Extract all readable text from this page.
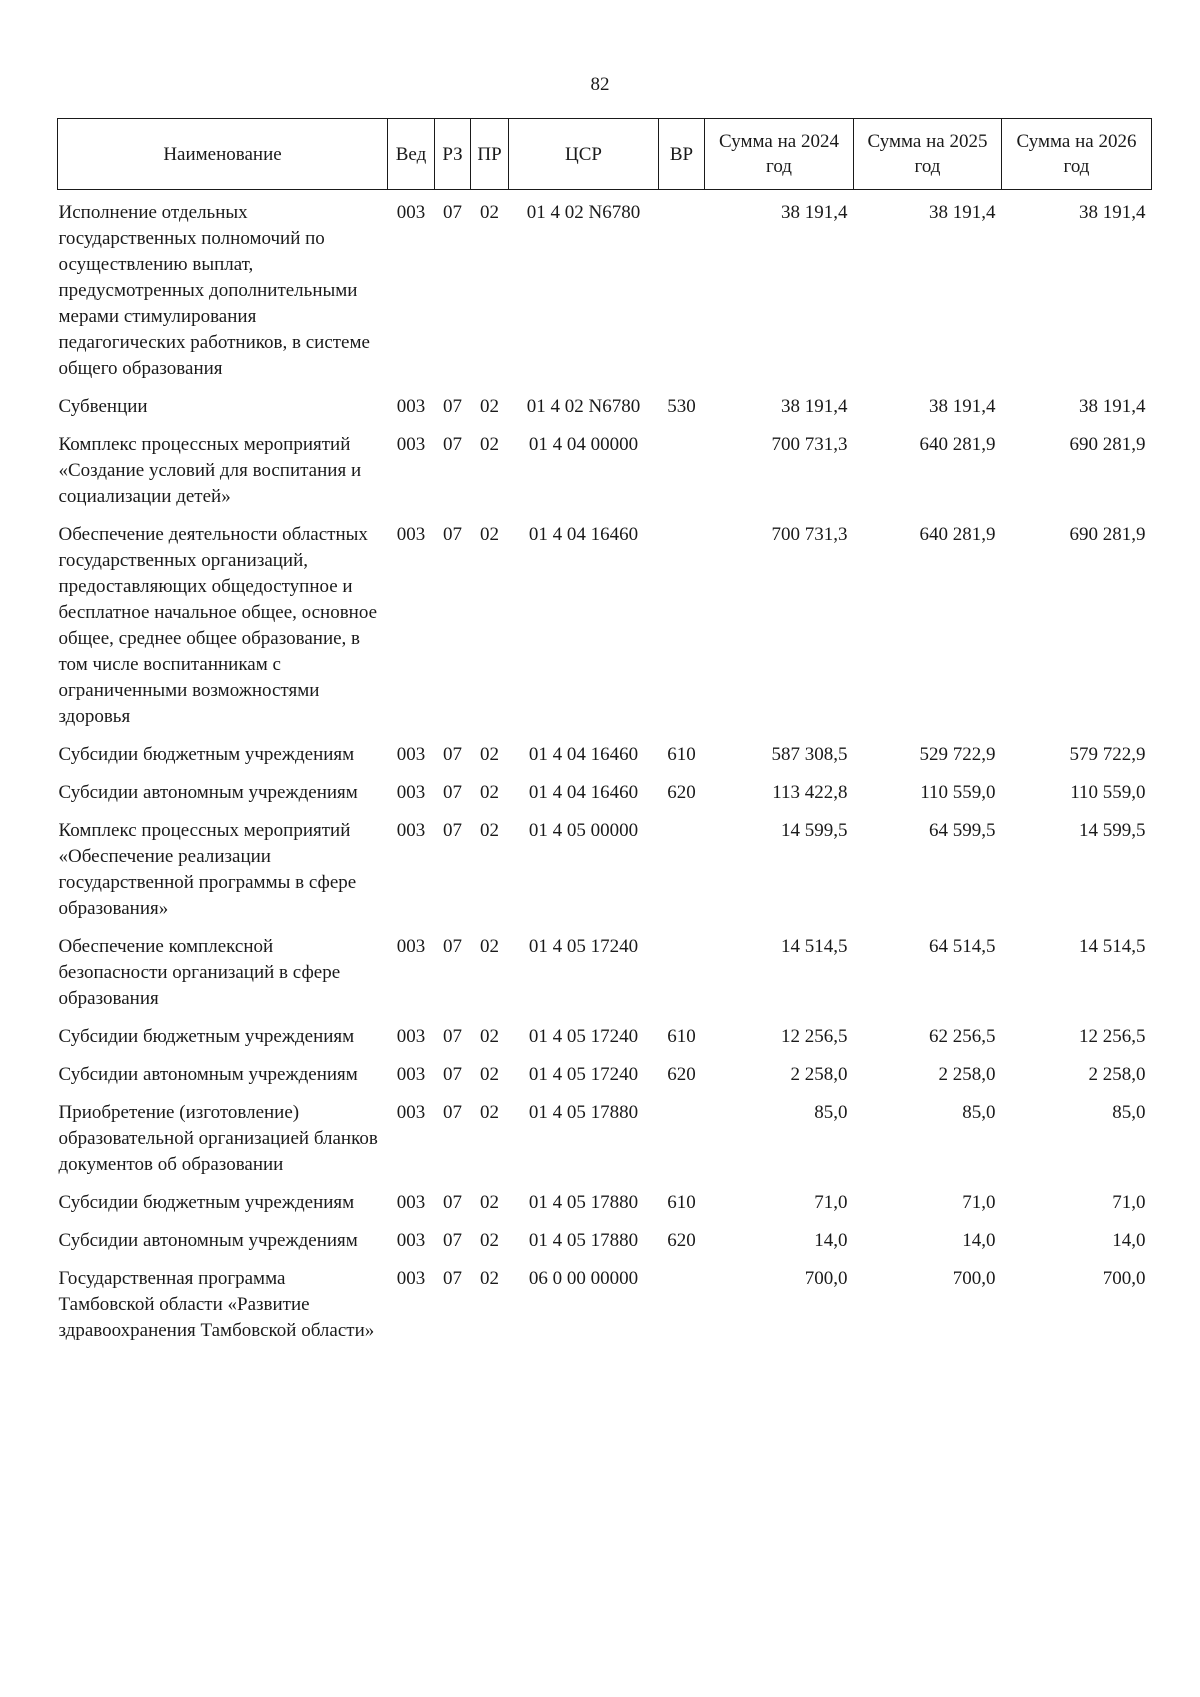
82
Наименование	Вед	РЗ	ПР	ЦСР	ВР	Сумма на 2024 год	Сумма на 2025 год	Сумма на 2026 год
Исполнение отдельных государственных полномочий по осуществлению выплат, предусмотренных дополнительными мерами стимулирования педагогических работников, в системе общего образования	003	07	02	01 4 02 N6780		38 191,4	38 191,4	38 191,4
Субвенции	003	07	02	01 4 02 N6780	530	38 191,4	38 191,4	38 191,4
Комплекс процессных мероприятий «Создание условий для воспитания и социализации детей»	003	07	02	01 4 04 00000		700 731,3	640 281,9	690 281,9
Обеспечение деятельности областных государственных организаций, предоставляющих общедоступное и бесплатное начальное общее, основное общее, среднее общее образование, в том числе воспитанникам с ограниченными возможностями здоровья	003	07	02	01 4 04 16460		700 731,3	640 281,9	690 281,9
Субсидии бюджетным учреждениям	003	07	02	01 4 04 16460	610	587 308,5	529 722,9	579 722,9
Субсидии автономным учреждениям	003	07	02	01 4 04 16460	620	113 422,8	110 559,0	110 559,0
Комплекс процессных мероприятий «Обеспечение реализации государственной программы в сфере образования»	003	07	02	01 4 05 00000		14 599,5	64 599,5	14 599,5
Обеспечение комплексной безопасности организаций в сфере образования	003	07	02	01 4 05 17240		14 514,5	64 514,5	14 514,5
Субсидии бюджетным учреждениям	003	07	02	01 4 05 17240	610	12 256,5	62 256,5	12 256,5
Субсидии автономным учреждениям	003	07	02	01 4 05 17240	620	2 258,0	2 258,0	2 258,0
Приобретение (изготовление) образовательной организацией бланков документов об образовании	003	07	02	01 4 05 17880		85,0	85,0	85,0
Субсидии бюджетным учреждениям	003	07	02	01 4 05 17880	610	71,0	71,0	71,0
Субсидии автономным учреждениям	003	07	02	01 4 05 17880	620	14,0	14,0	14,0
Государственная программа Тамбовской области «Развитие здравоохранения Тамбовской области»	003	07	02	06 0 00 00000		700,0	700,0	700,0
